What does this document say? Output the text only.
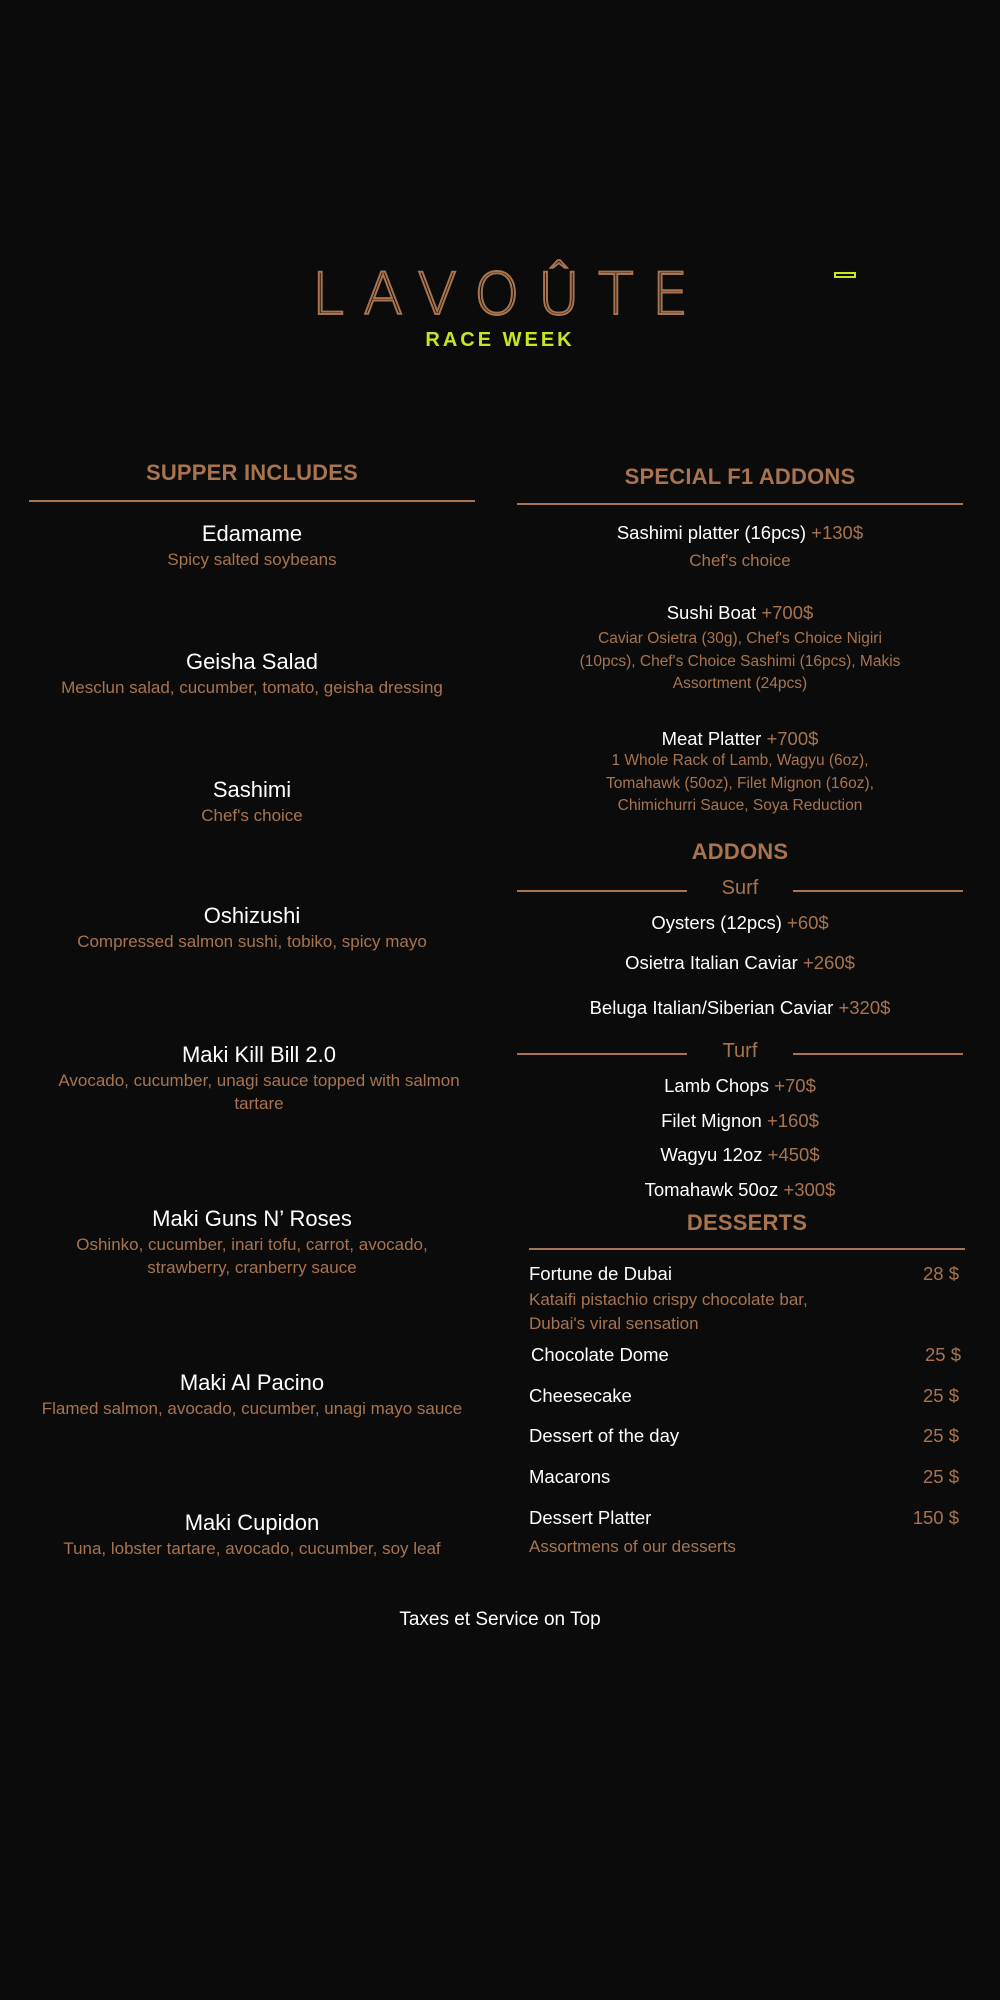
LAVOÛTE
RACE WEEK
SUPPER INCLUDES
Edamame
Spicy salted soybeans
Geisha Salad
Mesclun salad, cucumber, tomato, geisha dressing
Sashimi
Chef's choice
Oshizushi
Compressed salmon sushi, tobiko, spicy mayo
Maki Kill Bill 2.0
Avocado, cucumber, unagi sauce topped with salmon tartare
Maki Guns N’ Roses
Oshinko, cucumber, inari tofu, carrot, avocado, strawberry, cranberry sauce
Maki Al Pacino
Flamed salmon, avocado, cucumber, unagi mayo sauce
Maki Cupidon
Tuna, lobster tartare, avocado, cucumber, soy leaf
SPECIAL F1 ADDONS
Sashimi platter (16pcs) +130$
Chef's choice
Sushi Boat +700$
Caviar Osietra (30g), Chef's Choice Nigiri (10pcs), Chef's Choice Sashimi (16pcs), Makis Assortment (24pcs)
Meat Platter +700$
1 Whole Rack of Lamb, Wagyu (6oz), Tomahawk (50oz), Filet Mignon (16oz), Chimichurri Sauce, Soya Reduction
ADDONS
Surf
Oysters (12pcs) +60$
Osietra Italian Caviar +260$
Beluga Italian/Siberian Caviar +320$
Turf
Lamb Chops +70$
Filet Mignon +160$
Wagyu 12oz +450$
Tomahawk 50oz +300$
DESSERTS
Fortune de Dubai	28 $
Kataifi pistachio crispy chocolate bar, Dubai's viral sensation
Chocolate Dome	25 $
Cheesecake	25 $
Dessert of the day	25 $
Macarons	25 $
Dessert Platter	150 $
Assortmens of our desserts
Taxes et Service on Top
